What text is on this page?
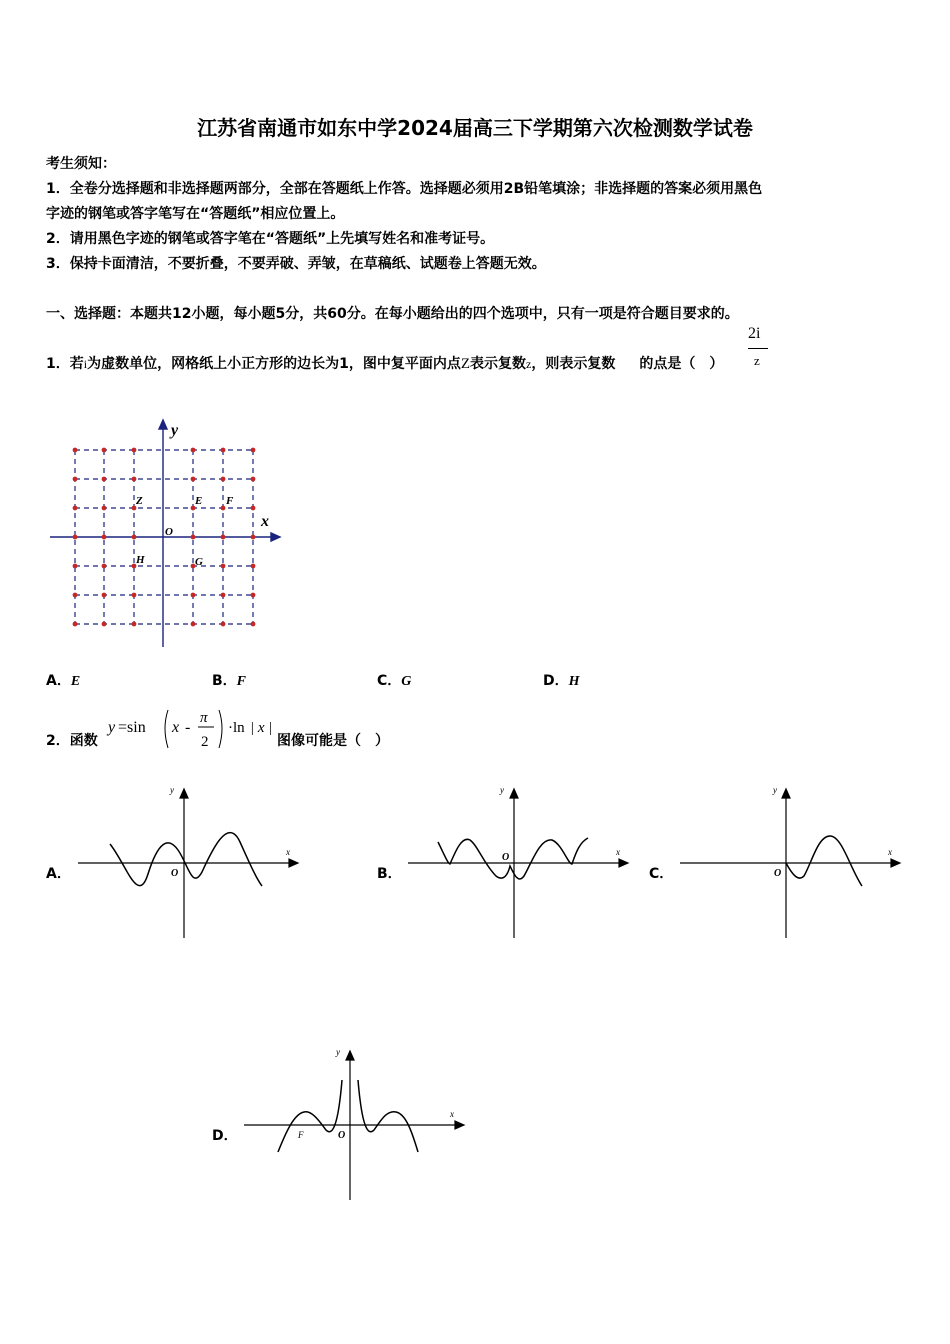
江苏省南通市如东中学2024届高三下学期第六次检测数学试卷
考生须知：
1．全卷分选择题和非选择题两部分，全部在答题纸上作答。选择题必须用2B铅笔填涂；非选择题的答案必须用黑色
字迹的钢笔或答字笔写在“答题纸”相应位置上。
2．请用黑色字迹的钢笔或答字笔在“答题纸”上先填写姓名和准考证号。
3．保持卡面清洁，不要折叠，不要弄破、弄皱，在草稿纸、试题卷上答题无效。
一、选择题：本题共12小题，每小题5分，共60分。在每小题给出的四个选项中，只有一项是符合题目要求的。
1．若i为虚数单位，网格纸上小正方形的边长为1，图中复平面内点Z表示复数z，则表示复数 的点是（　）
2i
z
y
x
O
Z	E F
H	G
A．E	B．F	C．G	D．H
2．函数
y =sin x -
π
2
·ln | x |
图像可能是（　）
A．
y
x
O	B．
y
x
O
C．
y
x
O
D．
y
x
O
F
